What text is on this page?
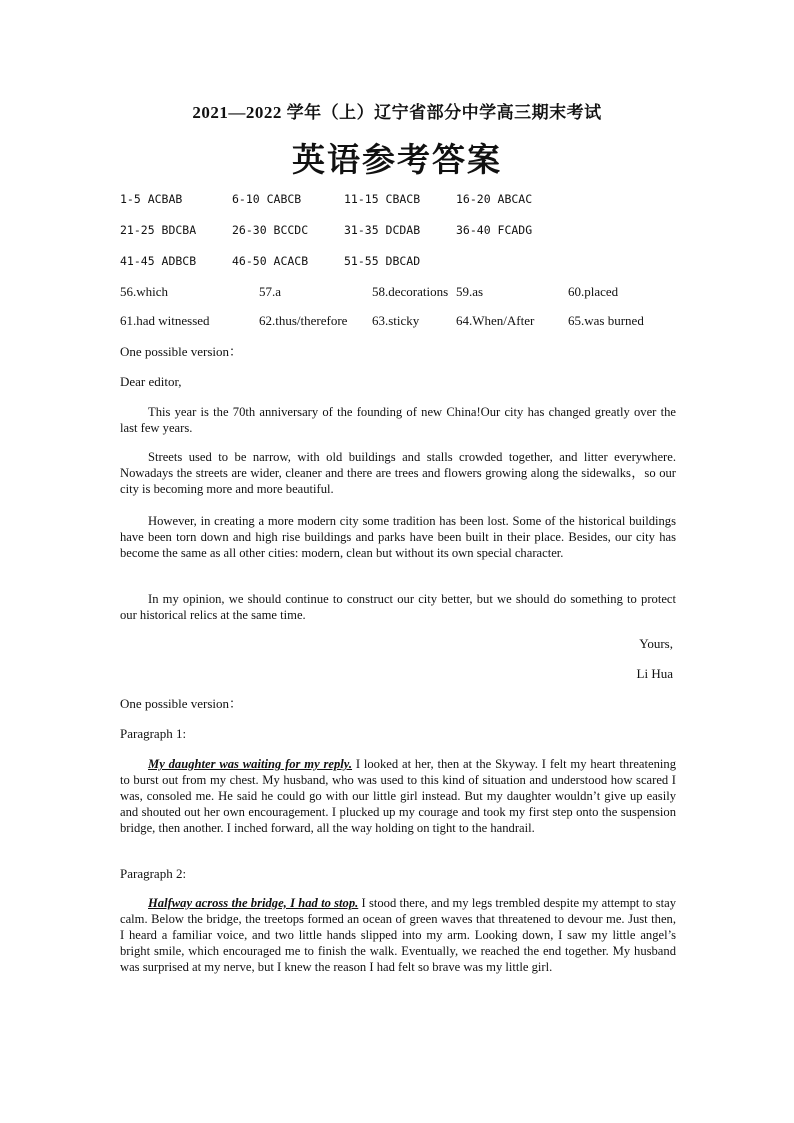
2021—2022 学年（上）辽宁省部分中学高三期末考试
英语参考答案
1-5 ACBAB	6-10 CABCB	11-15 CBACB	16-20 ABCAC
21-25 BDCBA	26-30 BCCDC	31-35 DCDAB	36-40 FCADG
41-45 ADBCB	46-50 ACACB	51-55 DBCAD
56.which	57.a	58.decorations 59.as	60.placed
61.had witnessed	62.thus/therefore 63.sticky	64.When/After	65.was burned
One possible version：
Dear editor,
This year is the 70th anniversary of the founding of new China!Our city has changed greatly over the last few years.
Streets used to be narrow, with old buildings and stalls crowded together, and litter everywhere. Nowadays the streets are wider, cleaner and there are trees and flowers growing along the sidewalks，so our city is becoming more and more beautiful.
However, in creating a more modern city some tradition has been lost. Some of the historical buildings have been torn down and high rise buildings and parks have been built in their place. Besides, our city has become the same as all other cities: modern, clean but without its own special character.
In my opinion, we should continue to construct our city better, but we should do something to protect our historical relics at the same time.
Yours,
Li Hua
One possible version：
Paragraph 1:
My daughter was waiting for my reply. I looked at her, then at the Skyway. I felt my heart threatening to burst out from my chest. My husband, who was used to this kind of situation and understood how scared I was, consoled me. He said he could go with our little girl instead. But my daughter wouldn’t give up easily and shouted out her own encouragement. I plucked up my courage and took my first step onto the suspension bridge, then another. I inched forward, all the way holding on tight to the handrail.
Paragraph 2:
Halfway across the bridge, I had to stop. I stood there, and my legs trembled despite my attempt to stay calm. Below the bridge, the treetops formed an ocean of green waves that threatened to devour me. Just then, I heard a familiar voice, and two little hands slipped into my arm. Looking down, I saw my little angel’s bright smile, which encouraged me to finish the walk. Eventually, we reached the end together. My husband was surprised at my nerve, but I knew the reason I had felt so brave was my little girl.
